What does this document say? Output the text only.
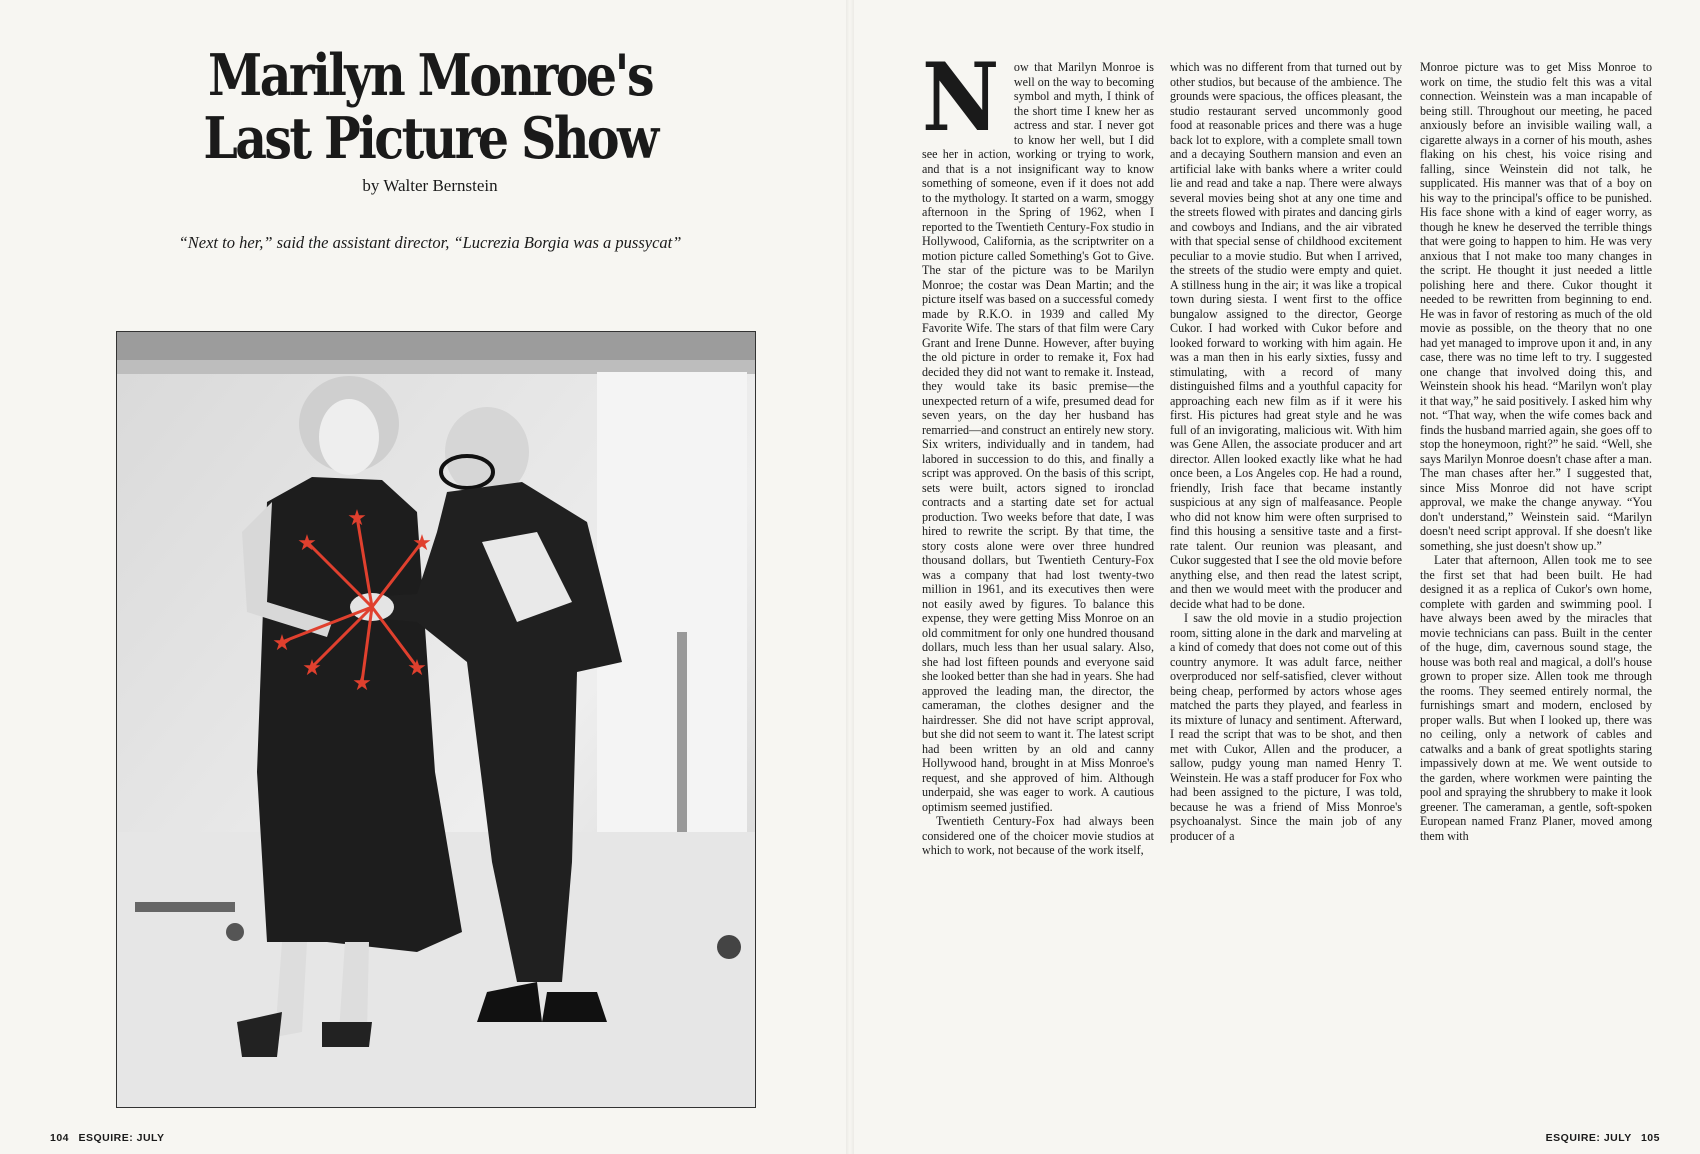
Marilyn Monroe's
Last Picture Show

by Walter Bernstein

“Next to her,” said the assistant director, “Lucrezia Borgia was a pussycat”

★
★	★
★
★
★
★
104 ESQUIRE: JULY

N ow that Marilyn Monroe is well on the way to becoming symbol and myth, I think of the short time I knew her as actress and star. I never got to know her well, but I did see her in action, working or trying to work, and that is a not insignificant way to know something of someone, even if it does not add to the mythology. It started on a warm, smoggy afternoon in the Spring of 1962, when I reported to the Twentieth Century-Fox studio in Hollywood, California, as the scriptwriter on a motion picture called Something's Got to Give. The star of the picture was to be Marilyn Monroe; the costar was Dean Martin; and the picture itself was based on a successful comedy made by R.K.O. in 1939 and called My Favorite Wife. The stars of that film were Cary Grant and Irene Dunne. However, after buying the old picture in order to remake it, Fox had decided they did not want to remake it. Instead, they would take its basic premise—the unexpected return of a wife, presumed dead for seven years, on the day her husband has remarried—and construct an entirely new story. Six writers, individually and in tandem, had labored in succession to do this, and finally a script was approved. On the basis of this script, sets were built, actors signed to ironclad contracts and a starting date set for actual production. Two weeks before that date, I was hired to rewrite the script. By that time, the story costs alone were over three hundred thousand dollars, but Twentieth Century-Fox was a company that had lost twenty-two million in 1961, and its executives then were not easily awed by figures. To balance this expense, they were getting Miss Monroe on an old commitment for only one hundred thousand dollars, much less than her usual salary. Also, she had lost fifteen pounds and everyone said she looked better than she had in years. She had approved the leading man, the director, the cameraman, the clothes designer and the hairdresser. She did not have script approval, but she did not seem to want it. The latest script had been written by an old and canny Hollywood hand, brought in at Miss Monroe's request, and she approved of him. Although underpaid, she was eager to work. A cautious optimism seemed justified.

Twentieth Century-Fox had always been considered one of the choicer movie studios at which to work, not because of the work itself,

which was no different from that turned out by other studios, but because of the ambience. The grounds were spacious, the offices pleasant, the studio restaurant served uncommonly good food at reasonable prices and there was a huge back lot to explore, with a complete small town and a decaying Southern mansion and even an artificial lake with banks where a writer could lie and read and take a nap. There were always several movies being shot at any one time and the streets flowed with pirates and dancing girls and cowboys and Indians, and the air vibrated with that special sense of childhood excitement peculiar to a movie studio. But when I arrived, the streets of the studio were empty and quiet. A stillness hung in the air; it was like a tropical town during siesta. I went first to the office bungalow assigned to the director, George Cukor. I had worked with Cukor before and looked forward to working with him again. He was a man then in his early sixties, fussy and stimulating, with a record of many distinguished films and a youthful capacity for approaching each new film as if it were his first. His pictures had great style and he was full of an invigorating, malicious wit. With him was Gene Allen, the associate producer and art director. Allen looked exactly like what he had once been, a Los Angeles cop. He had a round, friendly, Irish face that became instantly suspicious at any sign of malfeasance. People who did not know him were often surprised to find this housing a sensitive taste and a first-rate talent. Our reunion was pleasant, and Cukor suggested that I see the old movie before anything else, and then read the latest script, and then we would meet with the producer and decide what had to be done.

I saw the old movie in a studio projection room, sitting alone in the dark and marveling at a kind of comedy that does not come out of this country anymore. It was adult farce, neither overproduced nor self-satisfied, clever without being cheap, performed by actors whose ages matched the parts they played, and fearless in its mixture of lunacy and sentiment. Afterward, I read the script that was to be shot, and then met with Cukor, Allen and the producer, a sallow, pudgy young man named Henry T. Weinstein. He was a staff producer for Fox who had been assigned to the picture, I was told, because he was a friend of Miss Monroe's psychoanalyst. Since the main job of any producer of a

Monroe picture was to get Miss Monroe to work on time, the studio felt this was a vital connection. Weinstein was a man incapable of being still. Throughout our meeting, he paced anxiously before an invisible wailing wall, a cigarette always in a corner of his mouth, ashes flaking on his chest, his voice rising and falling, since Weinstein did not talk, he supplicated. His manner was that of a boy on his way to the principal's office to be punished. His face shone with a kind of eager worry, as though he knew he deserved the terrible things that were going to happen to him. He was very anxious that I not make too many changes in the script. He thought it just needed a little polishing here and there. Cukor thought it needed to be rewritten from beginning to end. He was in favor of restoring as much of the old movie as possible, on the theory that no one had yet managed to improve upon it and, in any case, there was no time left to try. I suggested one change that involved doing this, and Weinstein shook his head. “Marilyn won't play it that way,” he said positively. I asked him why not. “That way, when the wife comes back and finds the husband married again, she goes off to stop the honeymoon, right?” he said. “Well, she says Marilyn Monroe doesn't chase after a man. The man chases after her.” I suggested that, since Miss Monroe did not have script approval, we make the change anyway. “You don't understand,” Weinstein said. “Marilyn doesn't need script approval. If she doesn't like something, she just doesn't show up.”

Later that afternoon, Allen took me to see the first set that had been built. He had designed it as a replica of Cukor's own home, complete with garden and swimming pool. I have always been awed by the miracles that movie technicians can pass. Built in the center of the huge, dim, cavernous sound stage, the house was both real and magical, a doll's house grown to proper size. Allen took me through the rooms. They seemed entirely normal, the furnishings smart and modern, enclosed by proper walls. But when I looked up, there was no ceiling, only a network of cables and catwalks and a bank of great spotlights staring impassively down at me. We went outside to the garden, where workmen were painting the pool and spraying the shrubbery to make it look greener. The cameraman, a gentle, soft-spoken European named Franz Planer, moved among them with

ESQUIRE: JULY 105
